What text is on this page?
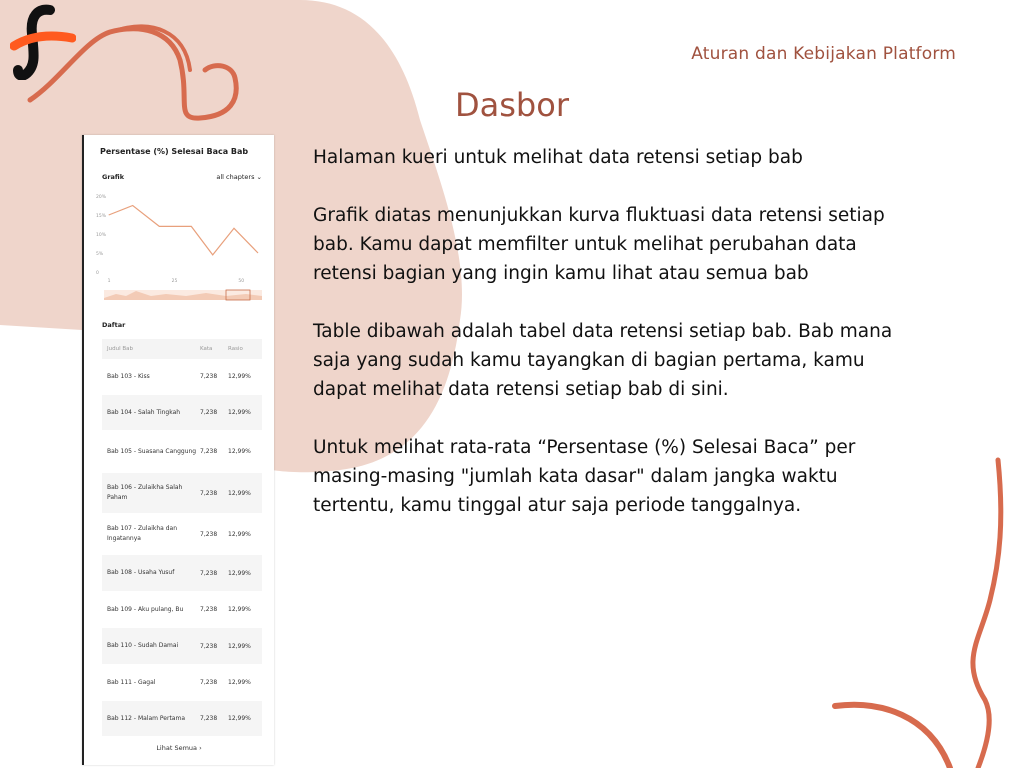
Aturan dan Kebijakan Platform
Dasbor

Halaman kueri untuk melihat data retensi setiap bab

Grafik diatas menunjukkan kurva fluktuasi data retensi setiap bab. Kamu dapat memfilter untuk melihat perubahan data retensi bagian yang ingin kamu lihat atau semua bab

Table dibawah adalah tabel data retensi setiap bab. Bab mana saja yang sudah kamu tayangkan di bagian pertama, kamu dapat melihat data retensi setiap bab di sini.

Untuk melihat rata-rata “Persentase (%) Selesai Baca” per masing-masing "jumlah kata dasar" dalam jangka waktu tertentu, kamu tinggal atur saja periode tanggalnya.

Persentase (%) Selesai Baca Bab
Grafik	all chapters ⌄
20%
15%
10%
5%
0
1	25	50
Daftar
Judul Bab	Kata	Rasio
Bab 103 - Kiss	7,238	12,99%
Bab 104 - Salah Tingkah	7,238	12,99%
Bab 105 - Suasana Canggung 7,238	12,99%
Bab 106 - Zulaikha Salah Paham
7,238	12,99%
Bab 107 - Zulaikha dan Ingatannya
7,238	12,99%
Bab 108 - Usaha Yusuf	7,238	12,99%
Bab 109 - Aku pulang, Bu	7,238	12,99%
Bab 110 - Sudah Damai	7,238	12,99%
Bab 111 - Gagal	7,238	12,99%
Bab 112 - Malam Pertama	7,238	12,99%
Lihat Semua ›
